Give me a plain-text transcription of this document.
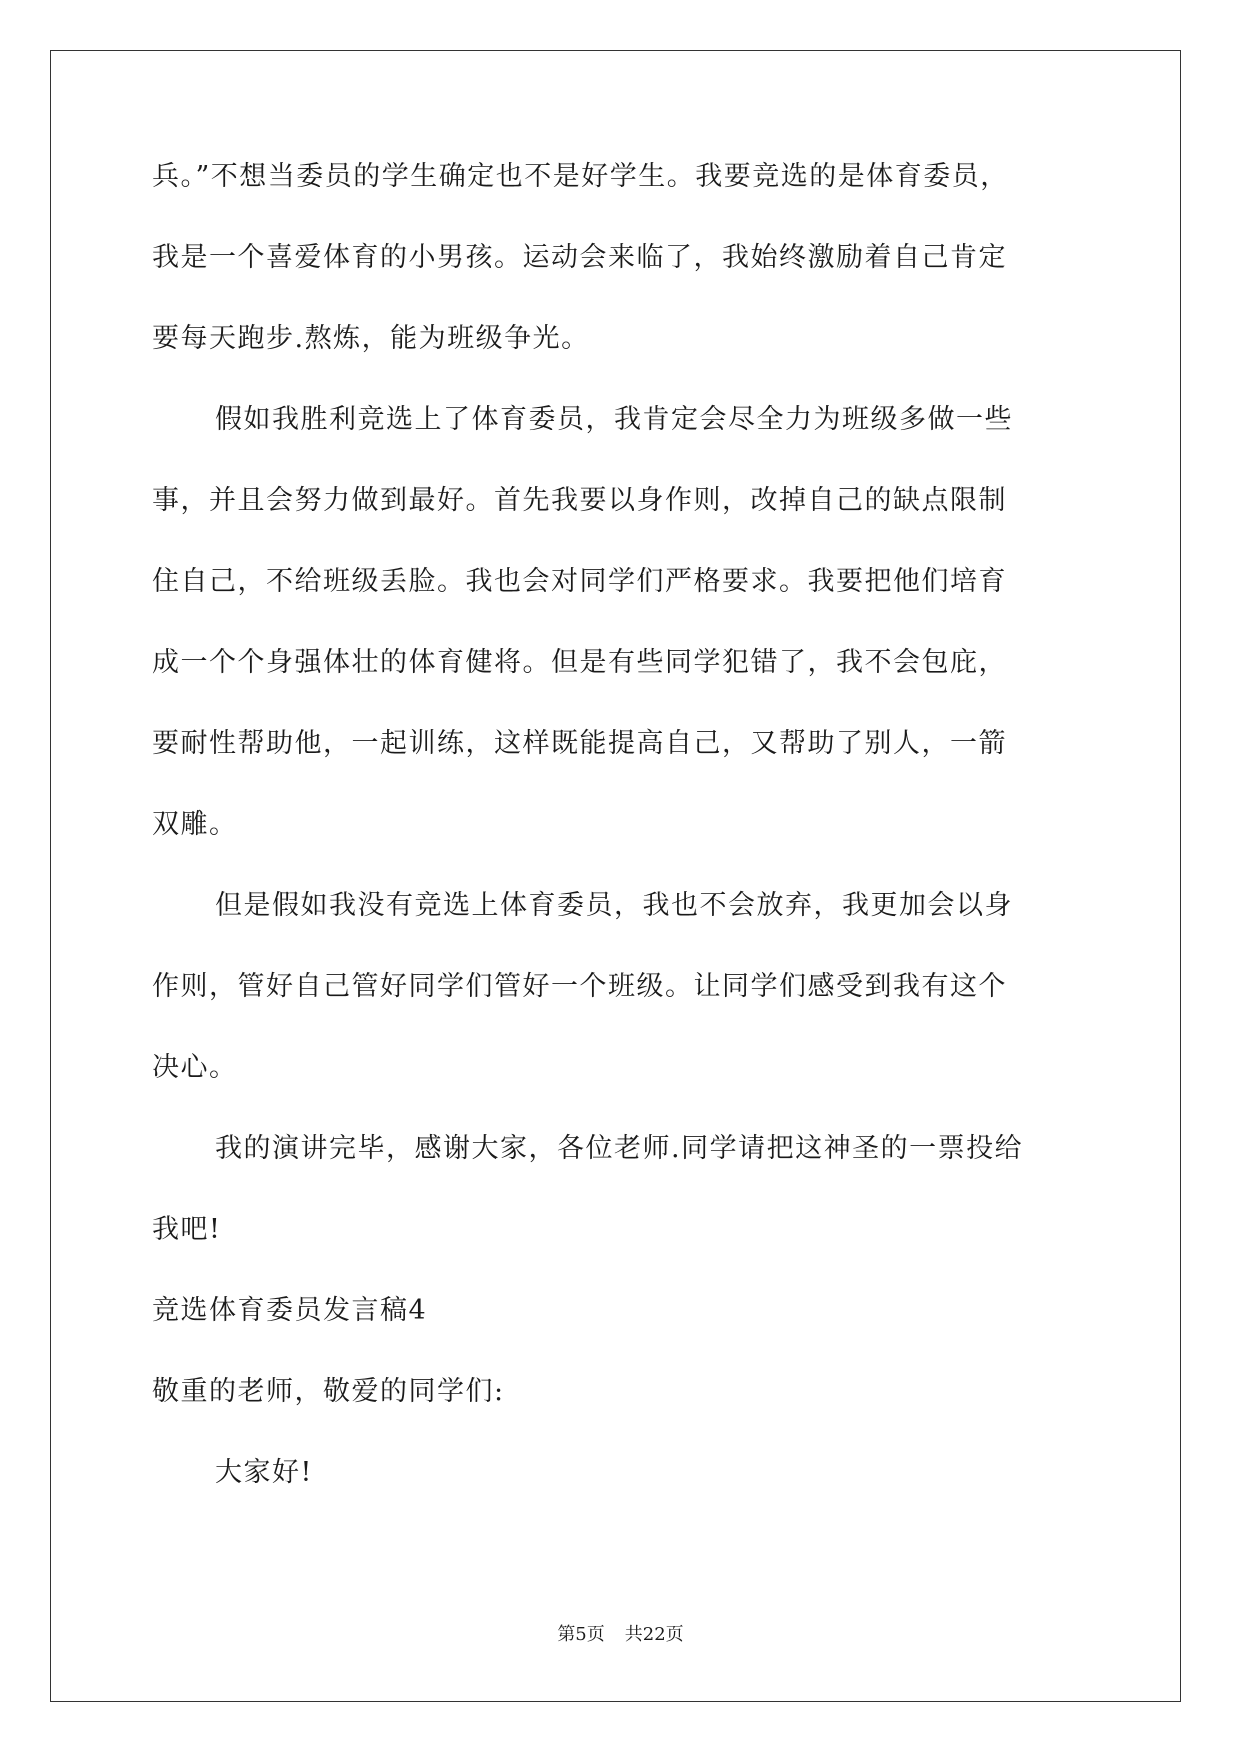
兵。”不想当委员的学生确定也不是好学生。我要竞选的是体育委员，
我是一个喜爱体育的小男孩。运动会来临了，我始终激励着自己肯定
要每天跑步.熬炼，能为班级争光。
假如我胜利竞选上了体育委员，我肯定会尽全力为班级多做一些
事，并且会努力做到最好。首先我要以身作则，改掉自己的缺点限制
住自己，不给班级丢脸。我也会对同学们严格要求。我要把他们培育
成一个个身强体壮的体育健将。但是有些同学犯错了，我不会包庇，
要耐性帮助他，一起训练，这样既能提高自己，又帮助了别人，一箭
双雕。
但是假如我没有竞选上体育委员，我也不会放弃，我更加会以身
作则，管好自己管好同学们管好一个班级。让同学们感受到我有这个
决心。
我的演讲完毕，感谢大家，各位老师.同学请把这神圣的一票投给
我吧!
竞选体育委员发言稿4
敬重的老师，敬爱的同学们:
大家好!
第5页 共22页
